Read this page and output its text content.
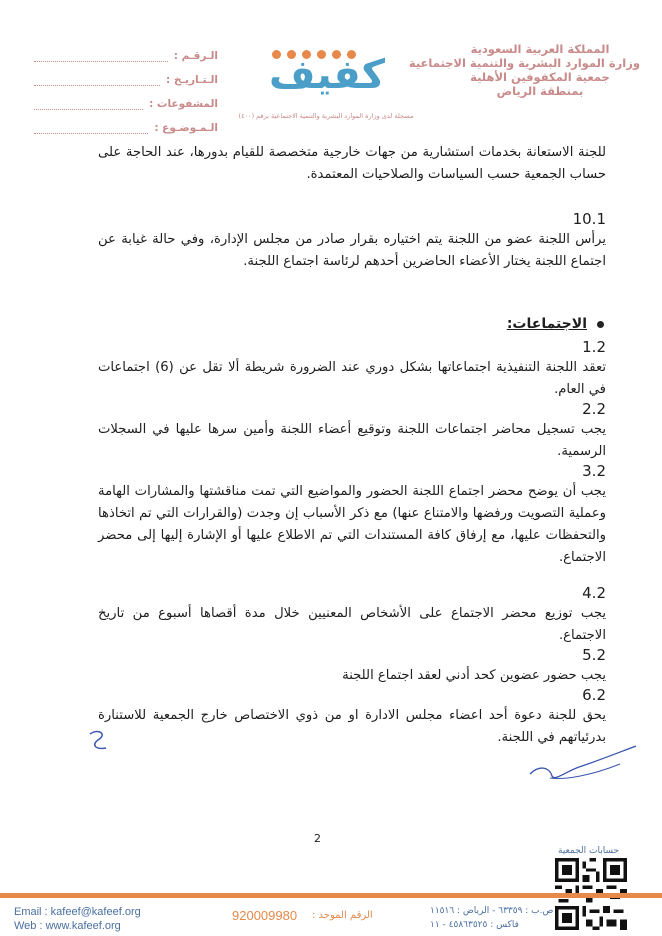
المملكة العربية السعودية
وزارة الموارد البشرية والتنمية الاجتماعية
جمعية المكفوفين الأهلية
بمنطقة الرياض
كفيف
مسجلة لدى وزارة الموارد البشرية والتنمية الاجتماعية برقم (٤٠٠)
الـرقـم :
الـتـاريـخ :
المشفوعات :
الـمـوضـوع :
للجنة الاستعانة بخدمات استشارية من جهات خارجية متخصصة للقيام بدورها، عند الحاجة على حساب الجمعية حسب السياسات والصلاحيات المعتمدة.
10.1
يرأس اللجنة عضو من اللجنة يتم اختياره بقرار صادر من مجلس الإدارة، وفي حالة غيابة عن اجتماع اللجنة يختار الأعضاء الحاضرين أحدهم لرئاسة اجتماع اللجنة.
الاجتماعات:
1.2
تعقد اللجنة التنفيذية اجتماعاتها بشكل دوري عند الضرورة شريطة ألا تقل عن (6) اجتماعات في العام.
2.2
يجب تسجيل محاضر اجتماعات اللجنة وتوقيع أعضاء اللجنة وأمين سرها عليها في السجلات الرسمية.
3.2
يجب أن يوضح محضر اجتماع اللجنة الحضور والمواضيع التي تمت مناقشتها والمشارات الهامة وعملية التصويت ورفضها والامتناع عنها) مع ذكر الأسباب إن وجدت (والقرارات التي تم اتخاذها والتحفظات عليها، مع إرفاق كافة المستندات التي تم الاطلاع عليها أو الإشارة إليها إلى محضر الاجتماع.
4.2
يجب توزيع محضر الاجتماع على الأشخاص المعنيين خلال مدة أقصاها أسبوع من تاريخ الاجتماع.
5.2
يجب حضور عضوين كحد أدني لعقد اجتماع اللجنة
6.2
يحق للجنة دعوة أحد اعضاء مجلس الادارة او من ذوي الاختصاص خارج الجمعية للاستنارة بدرئياتهم في اللجنة.
2
حسابات الجمعية
Email : kafeef@kafeef.org
Web : www.kafeef.org
920009980 الرقم الموحد :	ص.ب : ٦٣٣٥٩ - الرياض : ١١٥١٦
فاكس : ٤٥٨٦٣٥٢٥ - ١١
